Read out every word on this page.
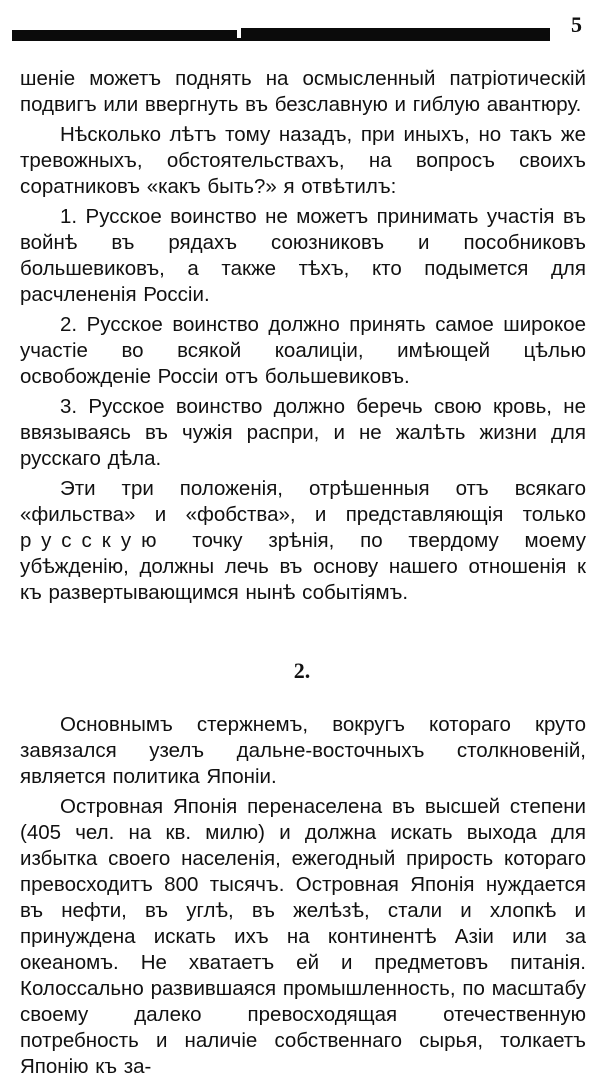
5

шеніе можетъ поднять на осмысленный патріотическій подвигъ или ввергнуть въ безславную и гиблую авантюру.

Нѣсколько лѣтъ тому назадъ, при иныхъ, но такъ же тревожныхъ, обстоятельствахъ, на вопросъ своихъ соратниковъ «какъ быть?» я отвѣтилъ:

1. Русское воинство не можетъ принимать участія въ войнѣ въ рядахъ союзниковъ и пособниковъ большевиковъ, а также тѣхъ, кто подымется для расчлененія Россіи.

2. Русское воинство должно принять самое широкое участіе во всякой коалиціи, имѣющей цѣлью освобожденіе Россіи отъ большевиковъ.

3. Русское воинство должно беречь свою кровь, не ввязываясь въ чужія распри, и не жалѣть жизни для русскаго дѣла.

Эти три положенія, отрѣшенныя отъ всякаго «фильства» и «фобства», и представляющія только русскую точку зрѣнія, по твердому моему убѣжденію, должны лечь въ основу нашего отношенія к къ развертывающимся нынѣ событіямъ.

2.

Основнымъ стержнемъ, вокругъ котораго круто завязался узелъ дальне-восточныхъ столкновеній, является политика Японіи.

Островная Японія перенаселена въ высшей степени (405 чел. на кв. милю) и должна искать выхода для избытка своего населенія, ежегодный прирость котораго превосходитъ 800 тысячъ. Островная Японія нуждается въ нефти, въ углѣ, въ желѣзѣ, стали и хлопкѣ и принуждена искать ихъ на континентѣ Азіи или за океаномъ. Не хватаетъ ей и предметовъ питанія. Колоссально развившаяся промышленность, по масштабу своему далеко превосходящая отечественную потребность и наличіе собственнаго сырья, толкаетъ Японію къ за-
